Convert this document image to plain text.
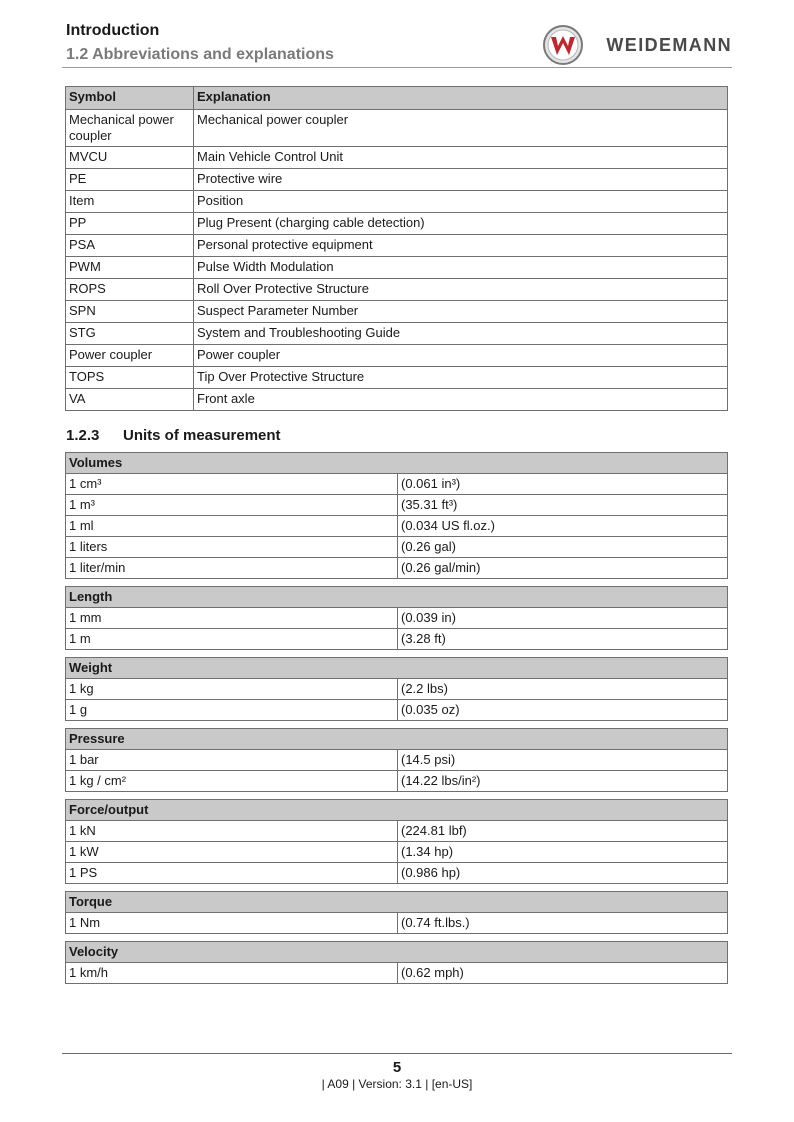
Introduction
1.2 Abbreviations and explanations	WEIDEMANN
Symbol	Explanation
Mechanical power coupler	Mechanical power coupler
MVCU	Main Vehicle Control Unit
PE	Protective wire
Item	Position
PP	Plug Present (charging cable detection)
PSA	Personal protective equipment
PWM	Pulse Width Modulation
ROPS	Roll Over Protective Structure
SPN	Suspect Parameter Number
STG	System and Troubleshooting Guide
Power coupler	Power coupler
TOPS	Tip Over Protective Structure
VA	Front axle
1.2.3 Units of measurement
Volumes	
1 cm³	(0.061 in³)
1 m³	(35.31 ft³)
1 ml	(0.034 US fl.oz.)
1 liters	(0.26 gal)
1 liter/min	(0.26 gal/min)
Length	
1 mm	(0.039 in)
1 m	(3.28 ft)
Weight	
1 kg	(2.2 lbs)
1 g	(0.035 oz)
Pressure	
1 bar	(14.5 psi)
1 kg / cm²	(14.22 lbs/in²)
Force/output	
1 kN	(224.81 lbf)
1 kW	(1.34 hp)
1 PS	(0.986 hp)
Torque
1 Nm	(0.74 ft.lbs.)
Velocity
1 km/h	(0.62 mph)
5
| A09 | Version: 3.1 | [en-US]
